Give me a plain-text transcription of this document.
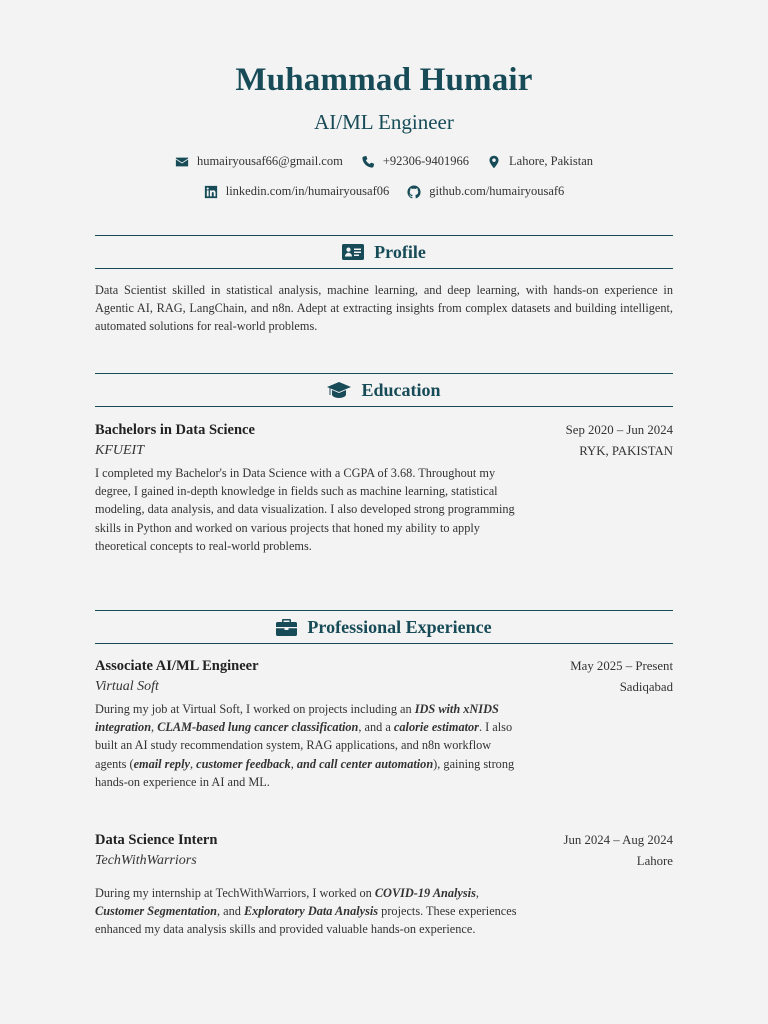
Muhammad Humair
AI/ML Engineer
humairyousaf66@gmail.com	+92306-9401966	Lahore, Pakistan
linkedin.com/in/humairyousaf06	github.com/humairyousaf6
Profile
Data Scientist skilled in statistical analysis, machine learning, and deep learning, with hands-on experience in Agentic AI, RAG, LangChain, and n8n. Adept at extracting insights from complex datasets and building intelligent, automated solutions for real-world problems.
Education
Bachelors in Data Science
KFUEIT
Sep 2020 – Jun 2024
RYK, PAKISTAN
I completed my Bachelor's in Data Science with a CGPA of 3.68. Throughout my degree, I gained in-depth knowledge in fields such as machine learning, statistical modeling, data analysis, and data visualization. I also developed strong programming skills in Python and worked on various projects that honed my ability to apply theoretical concepts to real-world problems.
Professional Experience
Associate AI/ML Engineer
Virtual Soft
May 2025 – Present
Sadiqabad
During my job at Virtual Soft, I worked on projects including an IDS with xNIDS integration, CLAM-based lung cancer classification, and a calorie estimator. I also built an AI study recommendation system, RAG applications, and n8n workflow agents (email reply, customer feedback, and call center automation), gaining strong hands-on experience in AI and ML.
Data Science Intern
TechWithWarriors
Jun 2024 – Aug 2024
Lahore
During my internship at TechWithWarriors, I worked on COVID-19 Analysis, Customer Segmentation, and Exploratory Data Analysis projects. These experiences enhanced my data analysis skills and provided valuable hands-on experience.
